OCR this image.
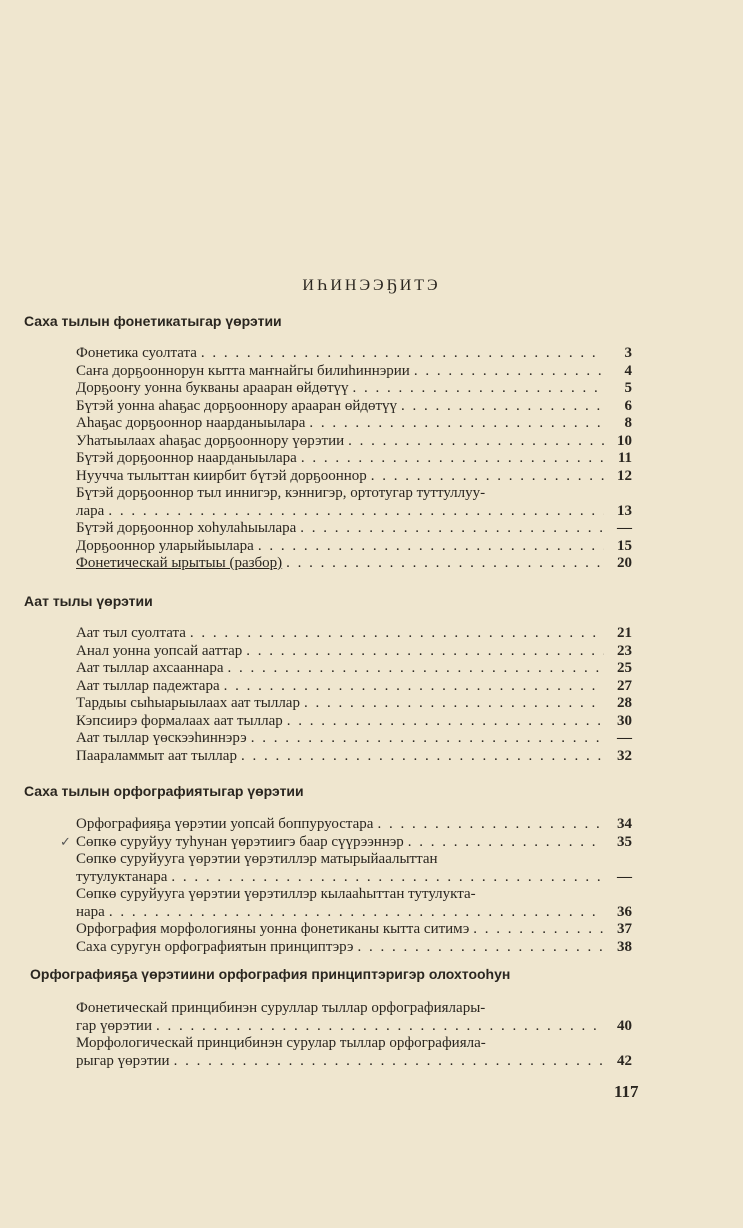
ИҺИНЭЭҔИТЭ
Саха тылын фонетикатыгар үөрэтии
Фонетика суолтата . . .	3
Саҥа дорҕооннорун кытта маҥнайгы билиһиннэрии . . .	4
Дорҕооҥу уонна букваны арааран өйдөтүү . . .	5
Бүтэй уонна аһаҕас дорҕооннору арааран өйдөтүү . . .	6
Аһаҕас дорҕооннор наарданыылара . . .	8
Уһатыылаах аһаҕас дорҕооннору үөрэтии . . .	10
Бүтэй дорҕооннор наарданыылара . . .	11
Нуучча тылыттан киирбит бүтэй дорҕооннор . . .	12
Бүтэй дорҕооннор тыл иннигэр, кэннигэр, ортотугар туттуллуу-
лара . . .	13
Бүтэй дорҕооннор хоһулаһыылара . . .	—
Дорҕооннор уларыйыылара . . .	15
Фонетическай ырытыы (разбор) . . .	20
Аат тылы үөрэтии
Аат тыл суолтата . . .	21
Анал уонна уопсай ааттар . . .	23
Аат тыллар ахсааннара . . .	25
Аат тыллар падежтара . . .	27
Тардыы сыһыарыылаах аат тыллар . . .	28
Кэпсиирэ формалаах аат тыллар . . .	30
Аат тыллар үөскээһиннэрэ . . .	—
Паараламмыт аат тыллар . . .	32
Саха тылын орфографиятыгар үөрэтии
✓
Орфографияҕа үөрэтии уопсай боппуруостара . . .	34
Сөпкө суруйуу туһунан үөрэтиигэ баар сүүрээннэр . . .	35
Сөпкө суруйууга үөрэтии үөрэтиллэр матырыйаалыттан
тутулуктанара . . .	—
Сөпкө суруйууга үөрэтии үөрэтиллэр кылааһыттан тутулукта-
нара . . .	36
Орфография морфологияны уонна фонетиканы кытта ситимэ . . .	37
Саха суругун орфографиятын принциптэрэ . . .	38
Орфографияҕа үөрэтиини орфография принциптэригэр олохтооһун
Фонетическай принцибинэн суруллар тыллар орфографиялары-
гар үөрэтии . . .	40
Морфологическай принцибинэн сурулар тыллар орфографияла-
рыгар үөрэтии . . .	42
117
